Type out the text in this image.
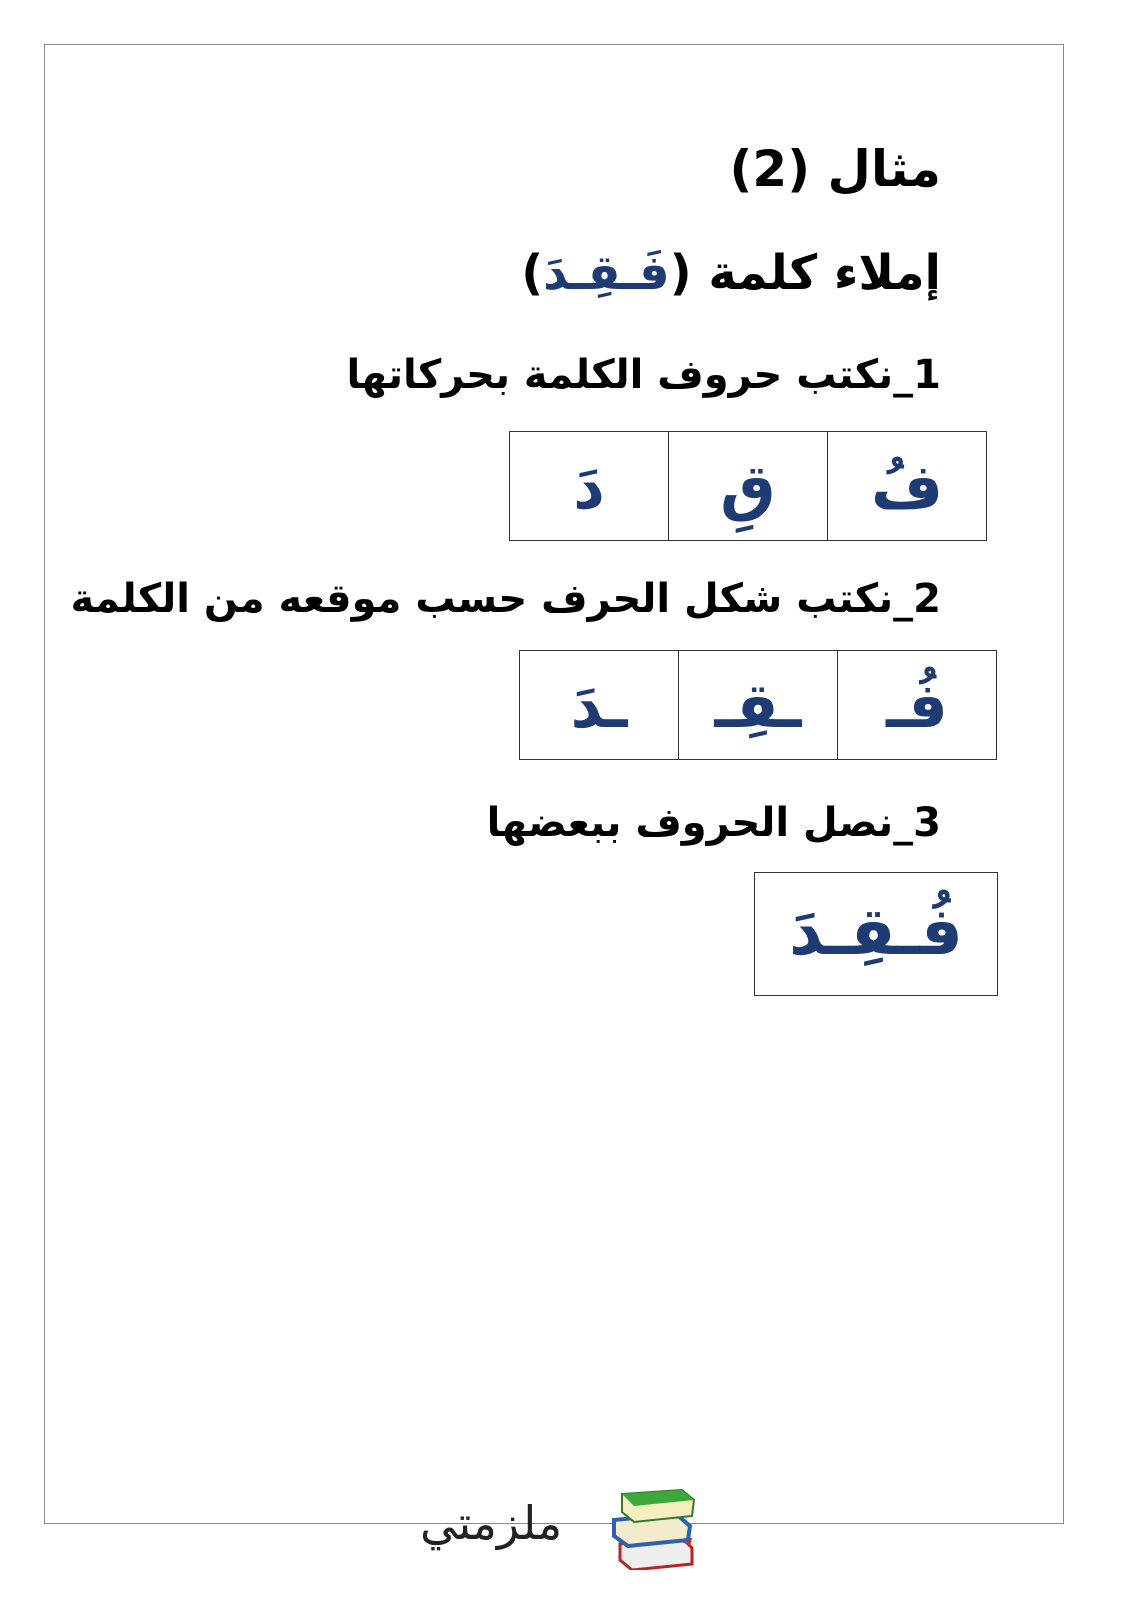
مثال (2)
إملاء كلمة (فَـقِـدَ)
1_نكتب حروف الكلمة بحركاتها
فُ	قِ	دَ
2_نكتب شكل الحرف حسب موقعه من الكلمة
فُـ	ـقِـ	ـدَ
3_نصل الحروف ببعضها
فُـقِـدَ
ملزمتي
